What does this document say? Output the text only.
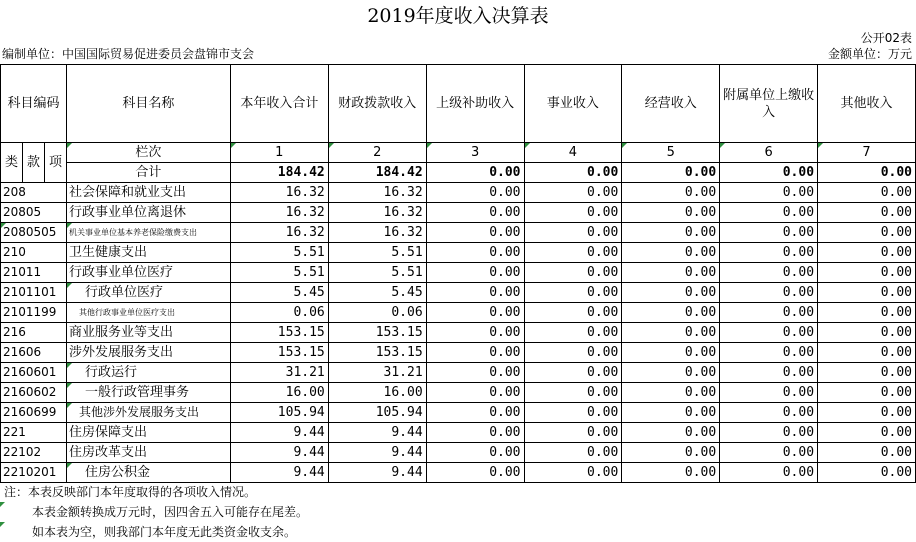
2019年度收入决算表
公开02表
编制单位：中国国际贸易促进委员会盘锦市支会	金额单位：万元
科目编码			科目名称	本年收入合计	财政拨款收入	上级补助收入	事业收入	经营收入	附属单位上缴收入	其他收入
类	款	项	栏次	1	2	3	4	5	6	7
			合计	184.42	184.42	0.00	0.00	0.00	0.00	0.00
208			社会保障和就业支出	16.32	16.32	0.00	0.00	0.00	0.00	0.00
20805			行政事业单位离退休	16.32	16.32	0.00	0.00	0.00	0.00	0.00
2080505			机关事业单位基本养老保险缴费支出	16.32	16.32	0.00	0.00	0.00	0.00	0.00
210			卫生健康支出	5.51	5.51	0.00	0.00	0.00	0.00	0.00
21011			行政事业单位医疗	5.51	5.51	0.00	0.00	0.00	0.00	0.00
2101101			行政单位医疗	5.45	5.45	0.00	0.00	0.00	0.00	0.00
2101199			其他行政事业单位医疗支出	0.06	0.06	0.00	0.00	0.00	0.00	0.00
216			商业服务业等支出	153.15	153.15	0.00	0.00	0.00	0.00	0.00
21606			涉外发展服务支出	153.15	153.15	0.00	0.00	0.00	0.00	0.00
2160601			行政运行	31.21	31.21	0.00	0.00	0.00	0.00	0.00
2160602			一般行政管理事务	16.00	16.00	0.00	0.00	0.00	0.00	0.00
2160699			其他涉外发展服务支出	105.94	105.94	0.00	0.00	0.00	0.00	0.00
221			住房保障支出	9.44	9.44	0.00	0.00	0.00	0.00	0.00
22102			住房改革支出	9.44	9.44	0.00	0.00	0.00	0.00	0.00
2210201			住房公积金	9.44	9.44	0.00	0.00	0.00	0.00	0.00
注：本表反映部门本年度取得的各项收入情况。
本表金额转换成万元时，因四舍五入可能存在尾差。
如本表为空，则我部门本年度无此类资金收支余。
